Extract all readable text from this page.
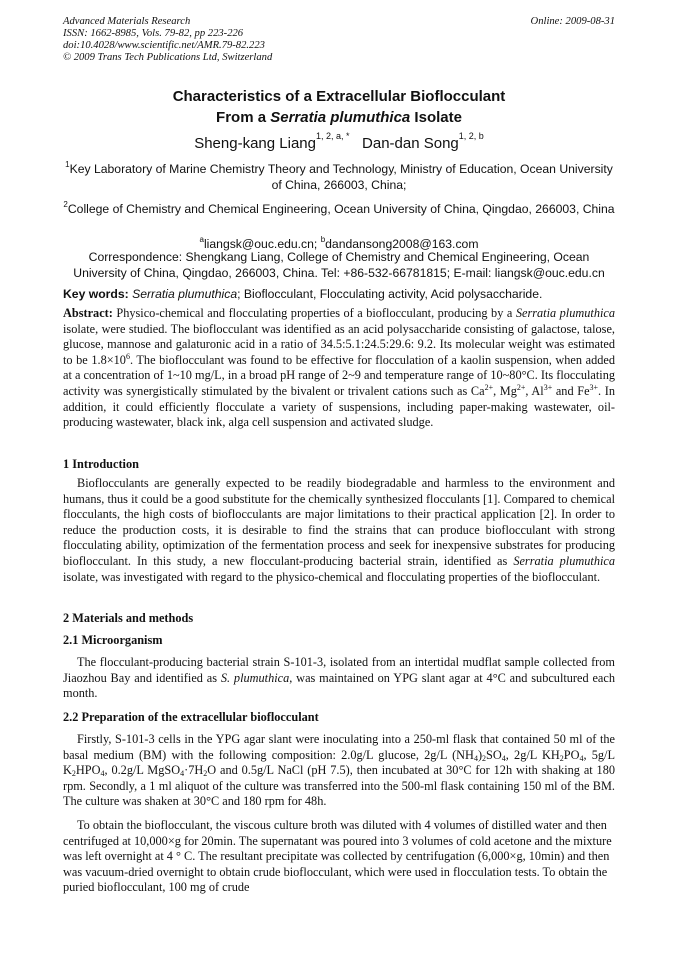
Advanced Materials Research
ISSN: 1662-8985, Vols. 79-82, pp 223-226
doi:10.4028/www.scientific.net/AMR.79-82.223
© 2009 Trans Tech Publications Ltd, Switzerland
Online: 2009-08-31
Characteristics of a Extracellular Bioflocculant
From a Serratia plumuthica Isolate
Sheng-kang Liang$^{1, 2, a, *}$ Dan-dan Song$^{1, 2, b}$
$^1$Key Laboratory of Marine Chemistry Theory and Technology, Ministry of Education, Ocean University of China, 266003, China;
$^2$College of Chemistry and Chemical Engineering, Ocean University of China, Qingdao, 266003, China
$^a$liangsk@ouc.edu.cn; $^b$dandansong2008@163.com
Correspondence: Shengkang Liang, College of Chemistry and Chemical Engineering, Ocean University of China, Qingdao, 266003, China. Tel: +86-532-66781815; E-mail: liangsk@ouc.edu.cn
Key words: Serratia plumuthica; Bioflocculant, Flocculating activity, Acid polysaccharide.
Abstract: Physico-chemical and flocculating properties of a bioflocculant, producing by a Serratia plumuthica isolate, were studied. The bioflocculant was identified as an acid polysaccharide consisting of galactose, talose, glucose, mannose and galaturonic acid in a ratio of 34.5:5.1:24.5:29.6: 9.2. Its molecular weight was estimated to be $1.8\times 10^6$. The bioflocculant was found to be effective for flocculation of a kaolin suspension, when added at a concentration of 1~10 mg/L, in a broad pH range of 2~9 and temperature range of 10~80°C. Its flocculating activity was synergistically stimulated by the bivalent or trivalent cations such as $Ca^{2+}$, $Mg^{2+}$, $Al^{3+}$ and $Fe^{3+}$. In addition, it could efficiently flocculate a variety of suspensions, including paper-making wastewater, oil-producing wastewater, black ink, alga cell suspension and activated sludge.
1 Introduction
Bioflocculants are generally expected to be readily biodegradable and harmless to the environment and humans, thus it could be a good substitute for the chemically synthesized flocculants [1]. Compared to chemical flocculants, the high costs of bioflocculants are major limitations to their practical application [2]. In order to reduce the production costs, it is desirable to find the strains that can produce bioflocculant with strong flocculating ability, optimization of the fermentation process and seek for inexpensive substrates for producing bioflocculant. In this study, a new flocculant-producing bacterial strain, identified as Serratia plumuthica isolate, was investigated with regard to the physico-chemical and flocculating properties of the bioflocculant.
2 Materials and methods
2.1 Microorganism
The flocculant-producing bacterial strain S-101-3, isolated from an intertidal mudflat sample collected from Jiaozhou Bay and identified as S. plumuthica, was maintained on YPG slant agar at 4°C and subcultured each month.
2.2 Preparation of the extracellular bioflocculant
Firstly, S-101-3 cells in the YPG agar slant were inoculating into a 250-ml flask that contained 50 ml of the basal medium (BM) with the following composition: 2.0g/L glucose, 2g/L $(NH_4)_2SO_4$, 2g/L $KH_2PO_4$, 5g/L $K_2HPO_4$, 0.2g/L $MgSO_4\cdot 7H_2O$ and 0.5g/L NaCl (pH 7.5), then incubated at 30°C for 12h with shaking at 180 rpm. Secondly, a 1 ml aliquot of the culture was transferred into the 500-ml flask containing 150 ml of the BM. The culture was shaken at 30°C and 180 rpm for 48h.
To obtain the bioflocculant, the viscous culture broth was diluted with 4 volumes of distilled water and then centrifuged at 10,000×g for 20min. The supernatant was poured into 3 volumes of cold acetone and the mixture was left overnight at 4 ° C. The resultant precipitate was collected by centrifugation (6,000×g, 10min) and then was vacuum-dried overnight to obtain crude bioflocculant, which were used in flocculation tests. To obtain the puried bioflocculant, 100 mg of crude
